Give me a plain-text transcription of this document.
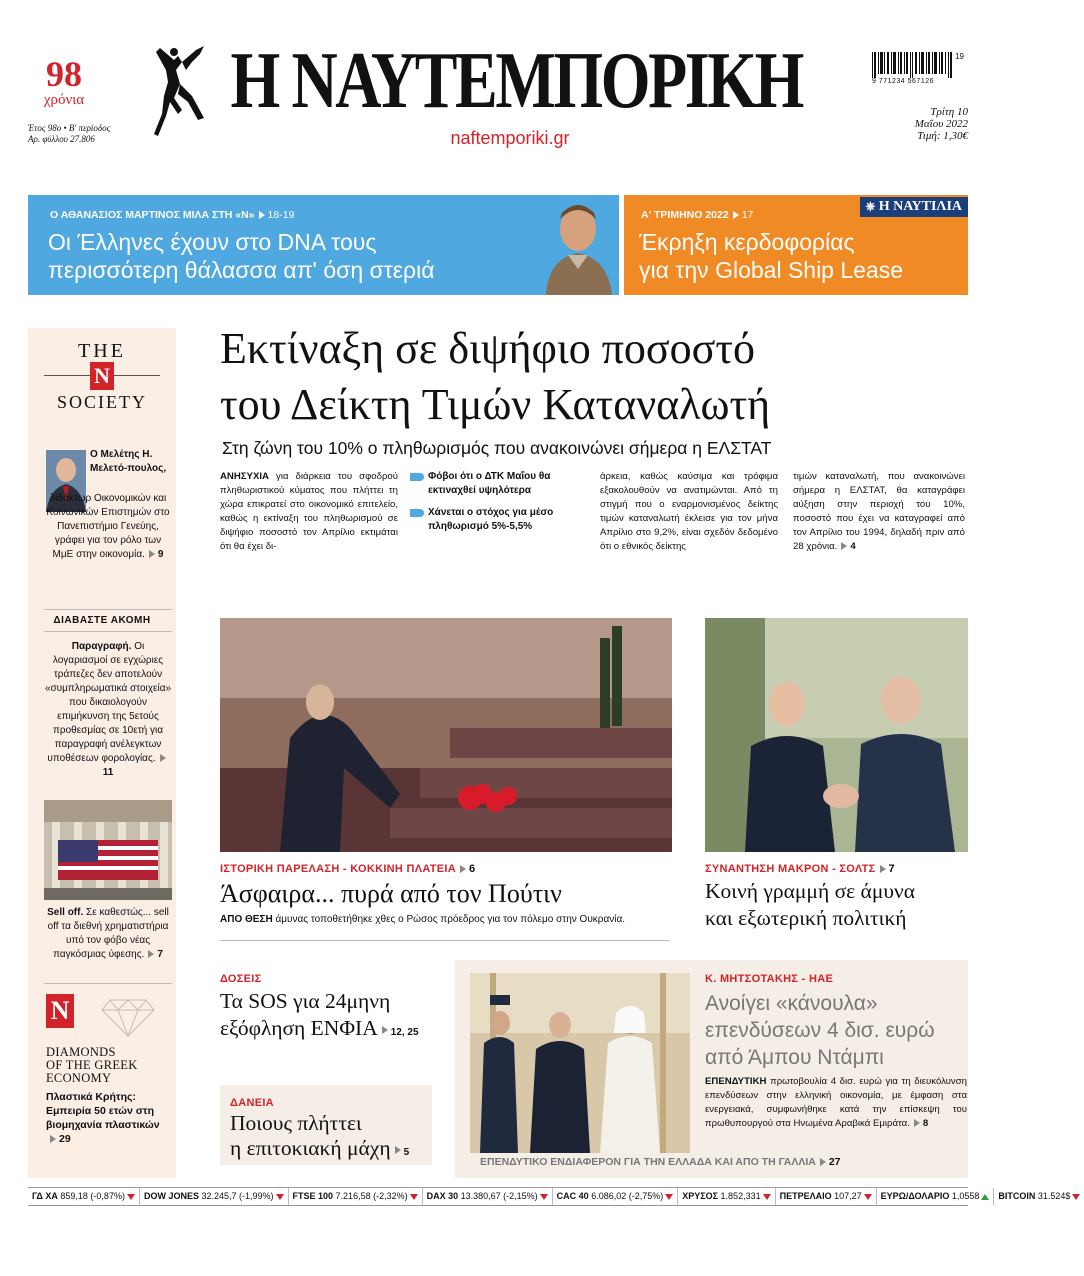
98
χρόνια
Έτος 98ο • Β' περίοδος
Αρ. φύλλου 27.806
Η ΝΑΥΤΕΜΠΟΡΙΚΗ
naftemporiki.gr
19
9 771234 567126
Τρίτη 10
Μαΐου 2022
Τιμή: 1,30€
Ο ΑΘΑΝΑΣΙΟΣ ΜΑΡΤΙΝΟΣ ΜΙΛΑ ΣΤΗ «Ν» 18-19
Οι Έλληνες έχουν στο DNA τους
περισσότερη θάλασσα απ' όση στεριά
Α' ΤΡΙΜΗΝΟ 2022 17
⎈ Η ΝΑΥΤΙΛΙΑ
Έκρηξη κερδοφορίας
για την Global Ship Lease
THE
N
SOCIETY
Ο Μελέτης Η. Μελετό-πουλος,
διδάκτωρ Οικονομικών και Κοινωνικών Επιστημών στο Πανεπιστήμιο Γενεύης, γράφει για τον ρόλο των ΜμΕ στην οικονομία. 9
ΔΙΑΒΑΣΤΕ ΑΚΟΜΗ
Παραγραφή. Οι λογαριασμοί σε εγχώριες τράπεζες δεν αποτελούν «συμπληρωματικά στοιχεία» που δικαιολογούν επιμήκυνση της 5ετούς προθεσμίας σε 10ετή για παραγραφή ανέλεγκτων υποθέσεων φορολογίας.11
Sell off. Σε καθεστώς... sell off τα διεθνή χρηματιστήρια υπό τον φόβο νέας παγκόσμιας ύφεσης. 7
N
DIAMONDS
OF THE GREEK
ECONOMY
Πλαστικά Κρήτης: Εμπειρία 50 ετών στη βιομηχανία πλαστικών29
Εκτίναξη σε διψήφιο ποσοστό
του Δείκτη Τιμών Καταναλωτή
Στη ζώνη του 10% ο πληθωρισμός που ανακοινώνει σήμερα η ΕΛΣΤΑΤ
ΑΝΗΣΥΧΙΑ για διάρκεια του σφοδρού πληθωριστικού κύματος που πλήττει τη χώρα επικρατεί στο οικονομικό επιτελείο, καθώς η εκτίναξη του πληθωρισμού σε διψήφιο ποσοστό τον Απρίλιο εκτιμάται ότι θα έχει δι-
Φόβοι ότι ο ΔΤΚ Μαΐου θα εκτιναχθεί υψηλότερα
Χάνεται ο στόχος για μέσο πληθωρισμό 5%-5,5%
άρκεια, καθώς καύσιμα και τρόφιμα εξακολουθούν να ανατιμώνται. Από τη στιγμή που ο εναρμονισμένος δείκτης τιμών καταναλωτή έκλεισε για τον μήνα Απρίλιο στο 9,2%, είναι σχεδόν δεδομένο ότι ο εθνικός δείκτης
τιμών καταναλωτή, που ανακοινώνει σήμερα η ΕΛΣΤΑΤ, θα καταγράφει αύξηση στην περιοχή του 10%, ποσοστό που έχει να καταγραφεί από τον Απρίλιο του 1994, δηλαδή πριν από 28 χρόνια. 4
ΙΣΤΟΡΙΚΗ ΠΑΡΕΛΑΣΗ - ΚΟΚΚΙΝΗ ΠΛΑΤΕΙΑ 6
Άσφαιρα... πυρά από τον Πούτιν
ΑΠΟ ΘΕΣΗ άμυνας τοποθετήθηκε χθες ο Ρώσος πρόεδρος για τον πόλεμο στην Ουκρανία.
ΣΥΝΑΝΤΗΣΗ ΜΑΚΡΟΝ - ΣΟΛΤΣ 7
Κοινή γραμμή σε άμυνα
και εξωτερική πολιτική
ΔΟΣΕΙΣ
Τα SOS για 24μηνη
εξόφληση ΕΝΦΙΑ 12, 25
ΔΑΝΕΙΑ
Ποιους πλήττει
η επιτοκιακή μάχη 5
Κ. ΜΗΤΣΟΤΑΚΗΣ - ΗΑΕ
Ανοίγει «κάνουλα»
επενδύσεων 4 δισ. ευρώ
από Άμπου Ντάμπι
ΕΠΕΝΔΥΤΙΚΗ πρωτοβουλία 4 δισ. ευρώ για τη διευκόλυνση επενδύσεων στην ελληνική οικονομία, με έμφαση στα ενεργειακά, συμφωνήθηκε κατά την επίσκεψη του πρωθυπουργού στα Ηνωμένα Αραβικά Εμιράτα. 8
ΕΠΕΝΔΥΤΙΚΟ ΕΝΔΙΑΦΕΡΟΝ ΓΙΑ ΤΗΝ ΕΛΛΑΔΑ ΚΑΙ ΑΠΟ ΤΗ ΓΑΛΛΙΑ 27
ΓΔ ΧΑ 859,18 (-0,87%)	DOW JONES 32.245,7 (-1,99%)	FTSE 100 7.216,58 (-2,32%)	DAX 30 13.380,67 (-2,15%)	CAC 40 6.086,02 (-2,75%)	ΧΡΥΣΟΣ 1.852,331	ΠΕΤΡΕΛΑΙΟ 107,27	ΕΥΡΩ/ΔΟΛΑΡΙΟ 1,0558	BITCOIN 31.524$
